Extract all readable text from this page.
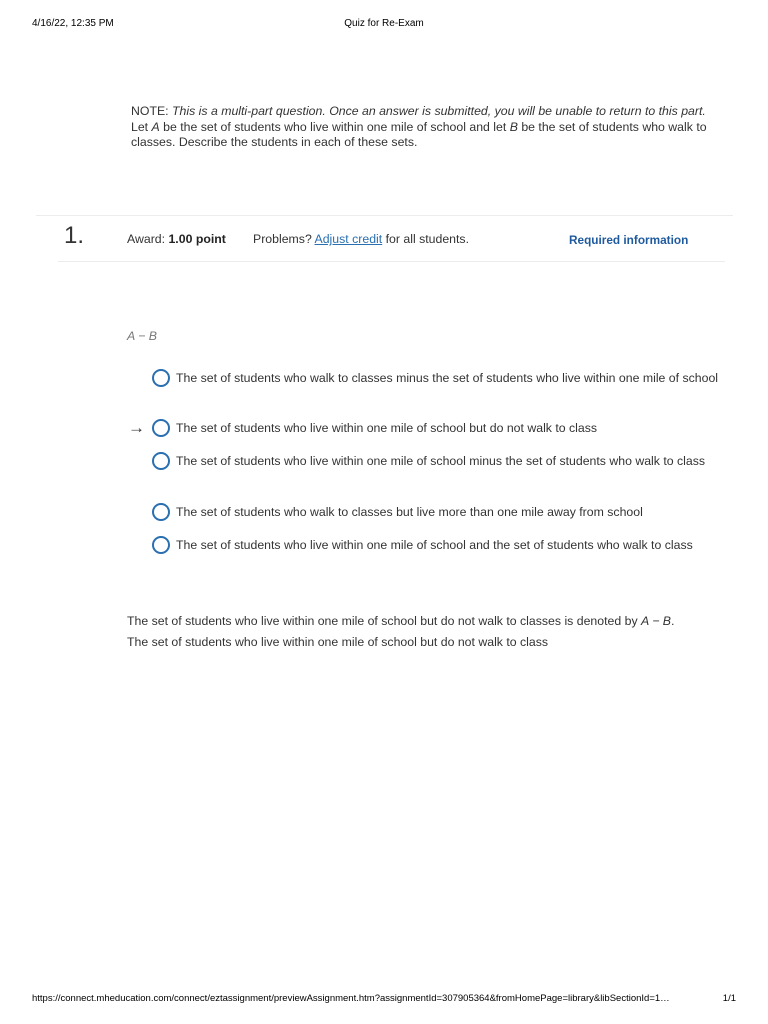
4/16/22, 12:35 PM	Quiz for Re-Exam
NOTE: This is a multi-part question. Once an answer is submitted, you will be unable to return to this part.
Let A be the set of students who live within one mile of school and let B be the set of students who walk to classes. Describe the students in each of these sets.
1.	Award: 1.00 point Problems? Adjust credit for all students.	Required information
A − B
The set of students who walk to classes minus the set of students who live within one mile of school
→	The set of students who live within one mile of school but do not walk to class
The set of students who live within one mile of school minus the set of students who walk to class
The set of students who walk to classes but live more than one mile away from school
The set of students who live within one mile of school and the set of students who walk to class
The set of students who live within one mile of school but do not walk to classes is denoted by A − B.
The set of students who live within one mile of school but do not walk to class
https://connect.mheducation.com/connect/eztassignment/previewAssignment.htm?assignmentId=307905364&fromHomePage=library&libSectionId=1…	1/1
